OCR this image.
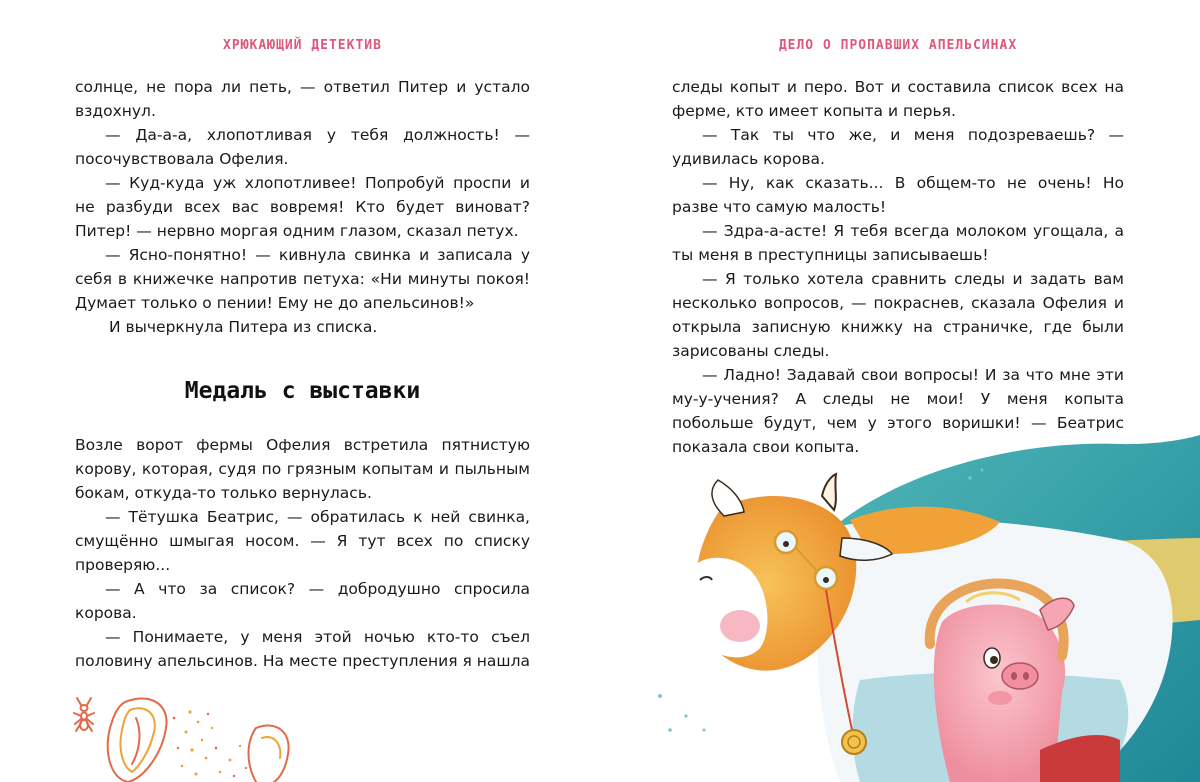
ХРЮКАЮЩИЙ ДЕТЕКТИВ

солнце, не пора ли петь, — ответил Питер и устало вздохнул.

— Да-а-а, хлопотливая у тебя должность! — посочувствовала Офелия.

— Куд-куда уж хлопотливее! Попробуй проспи и не разбуди всех вас вовремя! Кто будет виноват? Питер! — нервно моргая одним глазом, сказал петух.

— Ясно-понятно! — кивнула свинка и записала у себя в книжечке напротив петуха: «Ни минуты покоя! Думает только о пении! Ему не до апельсинов!»

И вычеркнула Питера из списка.

Медаль с выставки

Возле ворот фермы Офелия встретила пятнистую корову, которая, судя по грязным копытам и пыльным бокам, откуда-то только вернулась.

— Тётушка Беатрис, — обратилась к ней свинка, смущённо шмыгая носом. — Я тут всех по списку проверяю...

— А что за список? — добродушно спросила корова.

— Понимаете, у меня этой ночью кто-то съел половину апельсинов. На месте преступления я нашла

ДЕЛО О ПРОПАВШИХ АПЕЛЬСИНАХ

следы копыт и перо. Вот и составила список всех на ферме, кто имеет копыта и перья.

— Так ты что же, и меня подозреваешь? — удивилась корова.

— Ну, как сказать... В общем-то не очень! Но разве что самую малость!

— Здра-а-асте! Я тебя всегда молоком угощала, а ты меня в преступницы записываешь!

— Я только хотела сравнить следы и задать вам несколько вопросов, — покраснев, сказала Офелия и открыла записную книжку на страничке, где были зарисованы следы.

— Ладно! Задавай свои вопросы! И за что мне эти му-у-учения? А следы не мои! У меня копыта побольше будут, чем у этого воришки! — Беатрис показала свои копыта.
